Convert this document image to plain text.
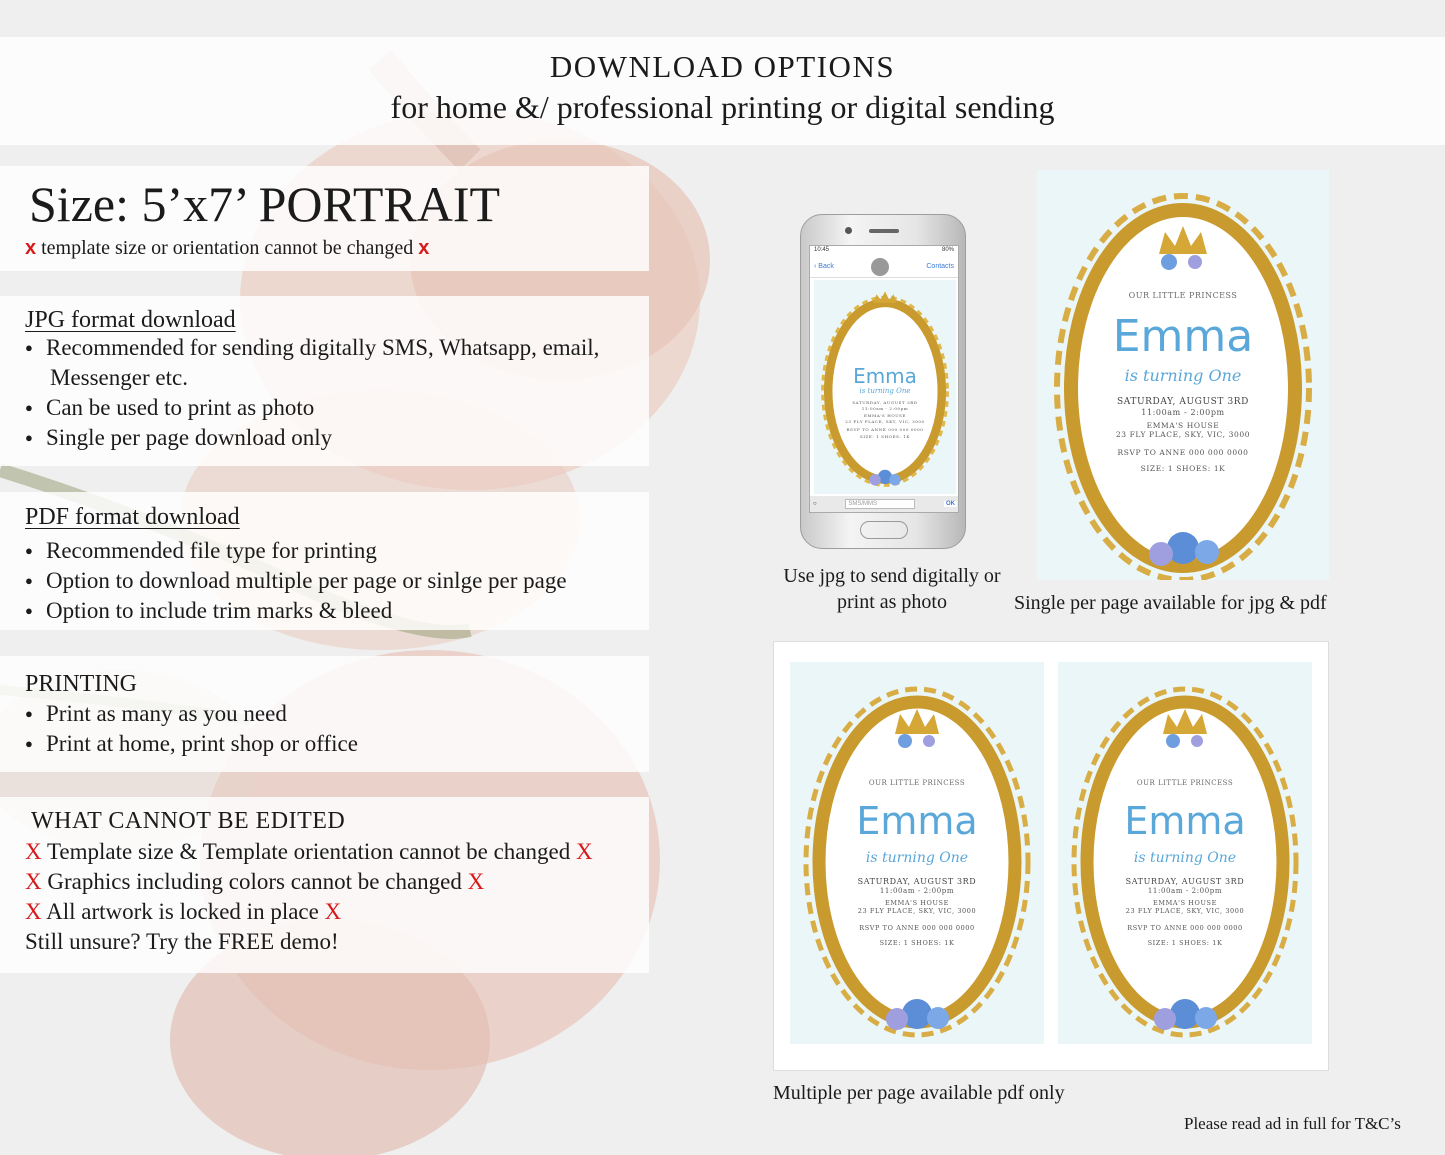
DOWNLOAD OPTIONS
for home &/ professional printing or digital sending
Size: 5’x7’ PORTRAIT
x template size or orientation cannot be changed x
JPG format download
● Recommended for sending digitally SMS, Whatsapp, email,
Messenger etc.
● Can be used to print as photo
● Single per page download only
PDF format download
● Recommended file type for printing
● Option to download multiple per page or sinlge per page
● Option to include trim marks & bleed
PRINTING
● Print as many as you need
● Print at home, print shop or office
WHAT CANNOT BE EDITED
X Template size & Template orientation cannot be changed X
X Graphics including colors cannot be changed X
X All artwork is locked in place X
Still unsure? Try the FREE demo!
10:45	80%
‹ Back	Contacts
Emma
is turning One
SATURDAY, AUGUST 3RD
11:00am - 2:00pm
EMMA'S HOUSE
23 FLY PLACE, SKY, VIC, 3000
RSVP TO ANNE 000 000 0000
SIZE: 1 SHOES: 1K
○	SMS/MMS	OK
Use jpg to send digitally or print as photo
OUR LITTLE PRINCESS
Emma
is turning One
SATURDAY, AUGUST 3RD
11:00am - 2:00pm
EMMA'S HOUSE
23 FLY PLACE, SKY, VIC, 3000
RSVP TO ANNE 000 000 0000
SIZE: 1 SHOES: 1K
Single per page available for jpg & pdf
OUR LITTLE PRINCESS
Emma
is turning One
SATURDAY, AUGUST 3RD
11:00am - 2:00pm
EMMA'S HOUSE
23 FLY PLACE, SKY, VIC, 3000
RSVP TO ANNE 000 000 0000
SIZE: 1 SHOES: 1K
OUR LITTLE PRINCESS
Emma
is turning One
SATURDAY, AUGUST 3RD
11:00am - 2:00pm
EMMA'S HOUSE
23 FLY PLACE, SKY, VIC, 3000
RSVP TO ANNE 000 000 0000
SIZE: 1 SHOES: 1K
Multiple per page available pdf only
Please read ad in full for T&C’s
